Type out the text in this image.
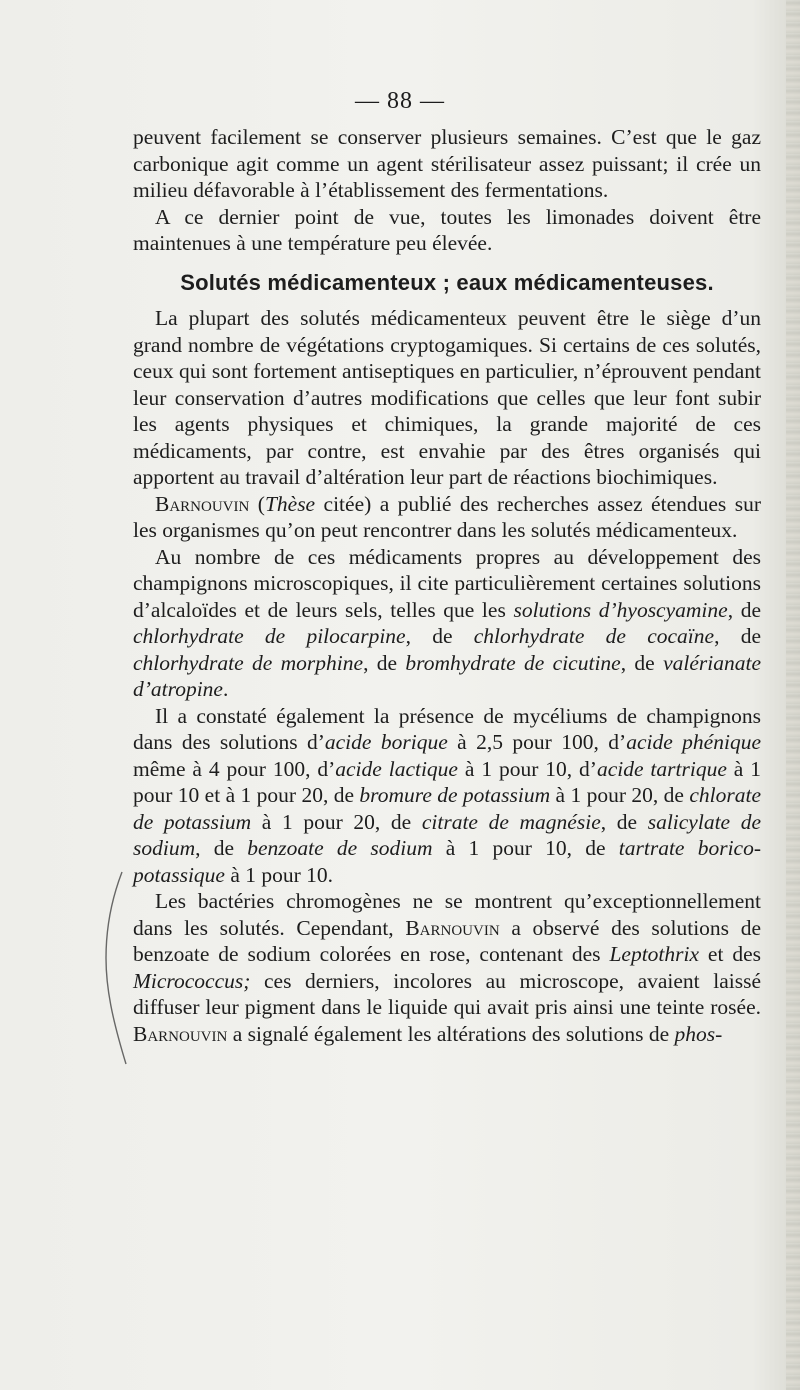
— 88 —

peuvent facilement se conserver plusieurs semaines. C’est que le gaz carbonique agit comme un agent stérilisateur assez puissant; il crée un milieu défavorable à l’établissement des fermentations.

A ce dernier point de vue, toutes les limonades doivent être maintenues à une température peu élevée.

Solutés médicamenteux ; eaux médicamenteuses.

La plupart des solutés médicamenteux peuvent être le siège d’un grand nombre de végétations cryptogamiques. Si certains de ces solutés, ceux qui sont fortement antiseptiques en particulier, n’éprouvent pendant leur conservation d’autres modifications que celles que leur font subir les agents physiques et chimiques, la grande majorité de ces médicaments, par contre, est envahie par des êtres organisés qui apportent au travail d’altération leur part de réactions biochimiques.

Barnouvin (Thèse citée) a publié des recherches assez étendues sur les organismes qu’on peut rencontrer dans les solutés médicamenteux.

Au nombre de ces médicaments propres au développement des champignons microscopiques, il cite particulièrement certaines solutions d’alcaloïdes et de leurs sels, telles que les solutions d’hyoscyamine, de chlorhydrate de pilocarpine, de chlorhydrate de cocaïne, de chlorhydrate de morphine, de bromhydrate de cicutine, de valérianate d’atropine.

Il a constaté également la présence de mycéliums de champignons dans des solutions d’acide borique à 2,5 pour 100, d’acide phénique même à 4 pour 100, d’acide lactique à 1 pour 10, d’acide tartrique à 1 pour 10 et à 1 pour 20, de bromure de potassium à 1 pour 20, de chlorate de potassium à 1 pour 20, de citrate de magnésie, de salicylate de sodium, de benzoate de sodium à 1 pour 10, de tartrate borico-potassique à 1 pour 10.

Les bactéries chromogènes ne se montrent qu’exceptionnellement dans les solutés. Cependant, Barnouvin a observé des solutions de benzoate de sodium colorées en rose, contenant des Leptothrix et des Micrococcus; ces derniers, incolores au microscope, avaient laissé diffuser leur pigment dans le liquide qui avait pris ainsi une teinte rosée. Barnouvin a signalé également les altérations des solutions de phos-
